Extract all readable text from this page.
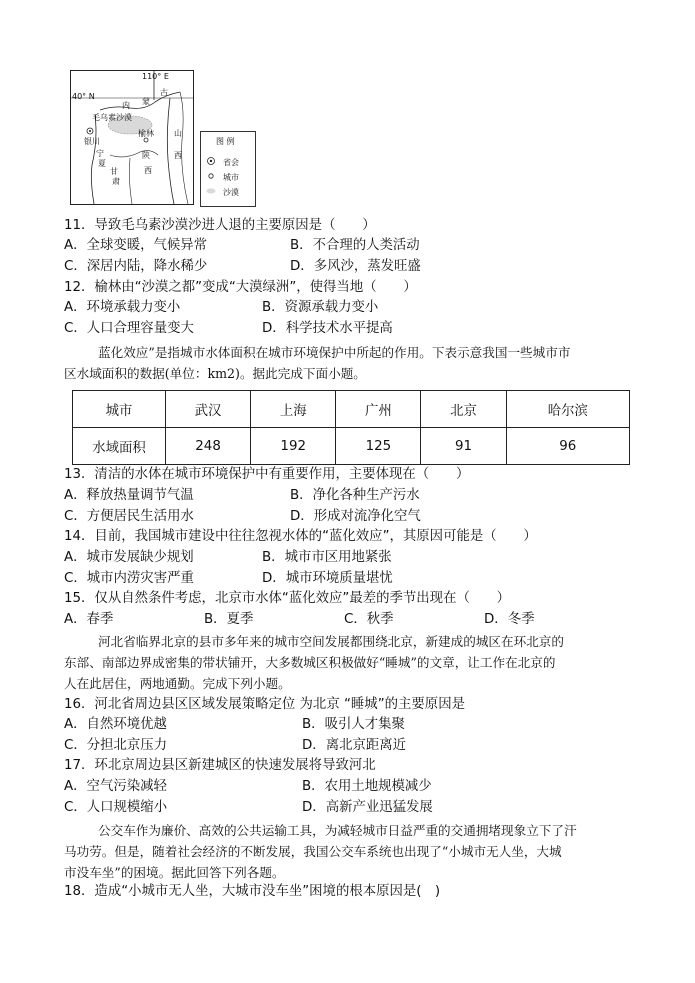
110° E
40° N
内 蒙
古
毛乌素沙漠
榆林
银川
宁
夏
陕
西
山
西
甘
肃
图 例
省会
城市
沙漠
11．导致毛乌素沙漠沙进人退的主要原因是（　　）
A．全球变暖，气候异常	B．不合理的人类活动
C．深居内陆，降水稀少	D．多风沙，蒸发旺盛
12．榆林由“沙漠之都”变成“大漠绿洲”，使得当地（　　）
A．环境承载力变小	B．资源承载力变小
C．人口合理容量变大	D．科学技术水平提高
蓝化效应”是指城市水体面积在城市环境保护中所起的作用。下表示意我国一些城市市
区水域面积的数据(单位：km2)。据此完成下面小题。
城市	武汉	上海	广州	北京	哈尔滨
水域面积	248	192	125	91	96
13．清洁的水体在城市环境保护中有重要作用，主要体现在（　　）
A．释放热量调节气温	B．净化各种生产污水
C．方便居民生活用水	D．形成对流净化空气
14．目前，我国城市建设中往往忽视水体的“蓝化效应”，其原因可能是（　　）
A．城市发展缺少规划	B．城市市区用地紧张
C．城市内涝灾害严重	D．城市环境质量堪忧
15．仅从自然条件考虑，北京市水体“蓝化效应”最差的季节出现在（　　）
A．春季	B．夏季	C．秋季	D．冬季
河北省临界北京的县市多年来的城市空间发展都围绕北京，新建成的城区在环北京的
东部、南部边界成密集的带状铺开，大多数城区积极做好“睡城”的文章，让工作在北京的
人在此居住，两地通勤。完成下列小题。
16．河北省周边县区区域发展策略定位 为北京 “睡城”的主要原因是
A．自然环境优越	B．吸引人才集聚
C．分担北京压力	D．离北京距离近
17．环北京周边县区新建城区的快速发展将导致河北
A．空气污染减轻	B．农用土地规模减少
C．人口规模缩小	D．高新产业迅猛发展
公交车作为廉价、高效的公共运输工具，为减轻城市日益严重的交通拥堵现象立下了汗
马功劳。但是，随着社会经济的不断发展，我国公交车系统也出现了“小城市无人坐，大城
市没车坐”的困境。据此回答下列各题。
18．造成“小城市无人坐，大城市没车坐”困境的根本原因是(　)
